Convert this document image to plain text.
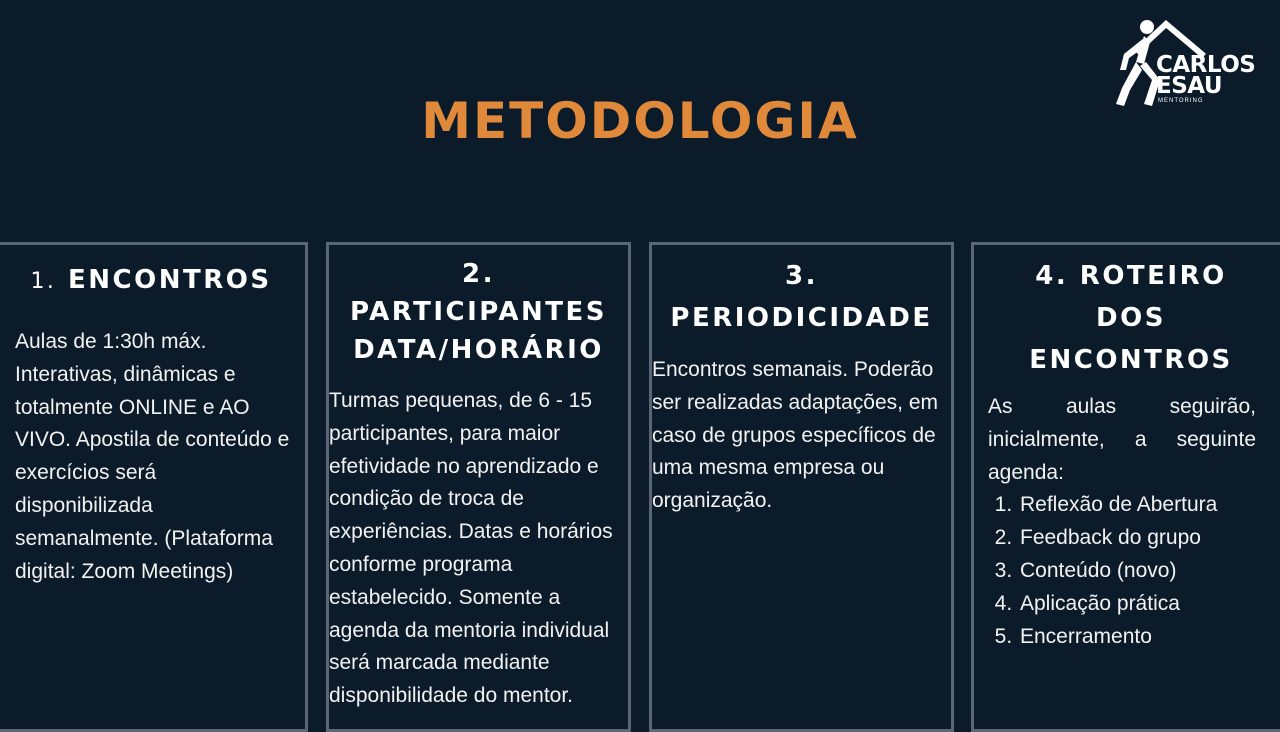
METODOLOGIA
CARLOS
ESAU
MENTORING
1. ENCONTROS

Aulas de 1:30h máx. Interativas, dinâmicas e totalmente ONLINE e AO VIVO. Apostila de conteúdo e exercícios será disponibilizada semanalmente. (Plataforma digital: Zoom Meetings)

2. PARTICIPANTES
DATA/HORÁRIO

Turmas pequenas, de 6 - 15 participantes, para maior efetividade no aprendizado e condição de troca de experiências. Datas e horários conforme programa estabelecido. Somente a agenda da mentoria individual será marcada mediante disponibilidade do mentor.

3. PERIODICIDADE

Encontros semanais. Poderão ser realizadas adaptações, em caso de grupos específicos de uma mesma empresa ou organização.

4. ROTEIRO
DOS
ENCONTROS

As aulas seguirão, inicialmente, a seguinte agenda:

1. Reflexão de Abertura
2. Feedback do grupo
3. Conteúdo (novo)
4. Aplicação prática
5. Encerramento
